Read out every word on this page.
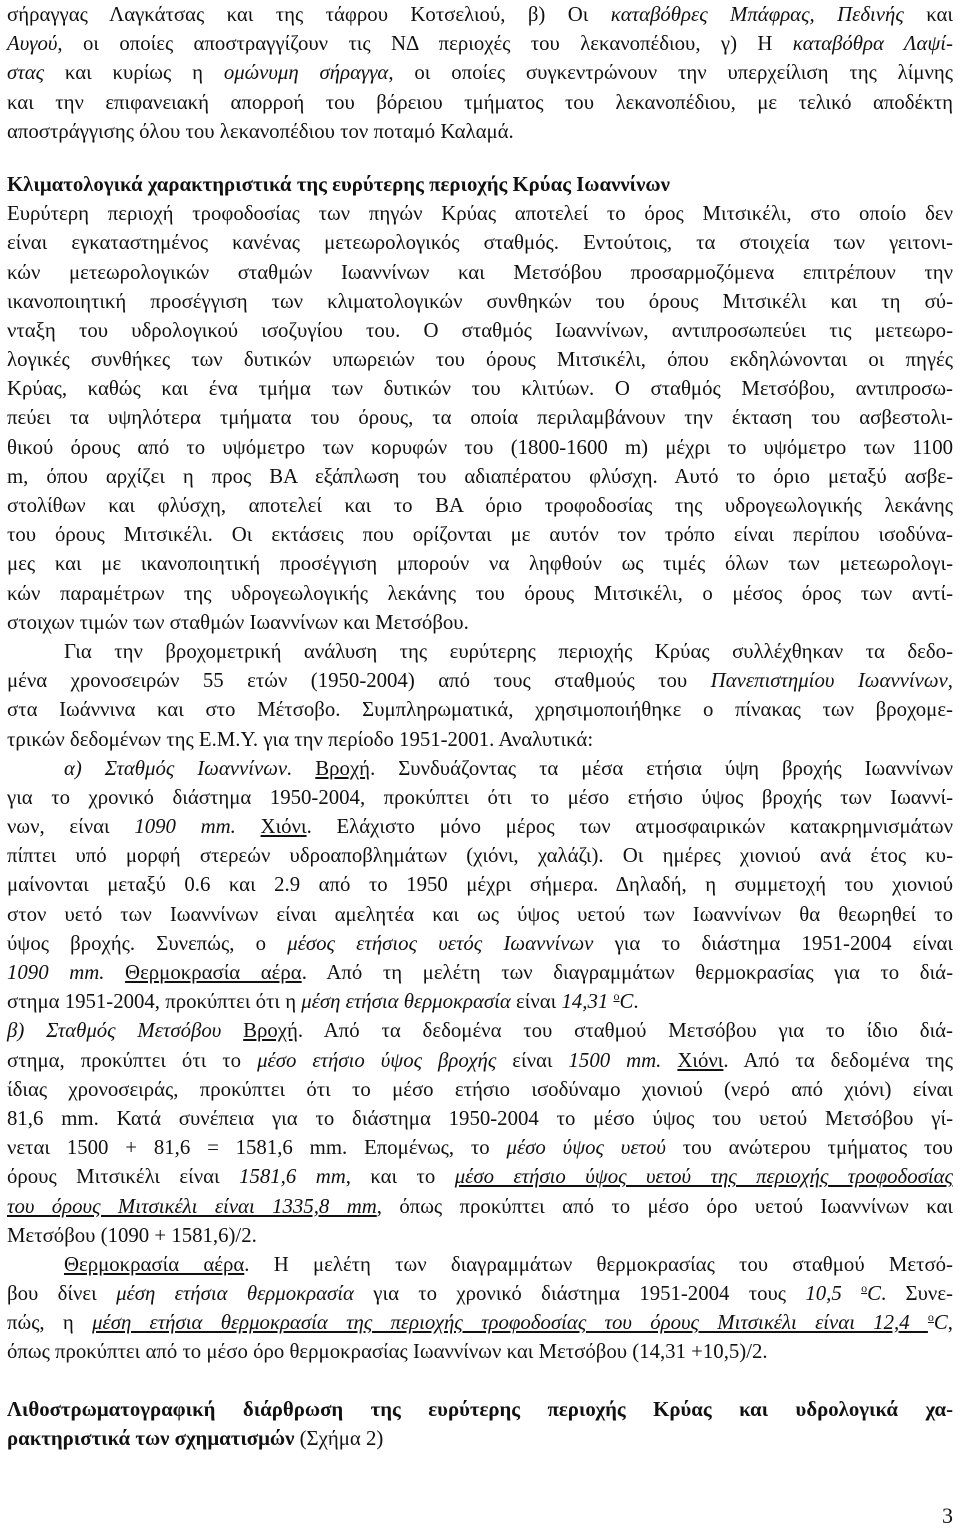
σήραγγας Λαγκάτσας και της τάφρου Κοτσελιού, β) Οι καταβόθρες Μπάφρας, Πεδινής και
Αυγού, οι οποίες αποστραγγίζουν τις ΝΔ περιοχές του λεκανοπέδιου, γ) Η καταβόθρα Λαψί-
στας και κυρίως η ομώνυμη σήραγγα, οι οποίες συγκεντρώνουν την υπερχείλιση της λίμνης
και την επιφανειακή απορροή του βόρειου τμήματος του λεκανοπέδιου, με τελικό αποδέκτη
αποστράγγισης όλου του λεκανοπέδιου τον ποταμό Καλαμά.
Κλιματολογικά χαρακτηριστικά της ευρύτερης περιοχής Κρύας Ιωαννίνων
Ευρύτερη περιοχή τροφοδοσίας των πηγών Κρύας αποτελεί το όρος Μιτσικέλι, στο οποίο δεν
είναι εγκαταστημένος κανένας μετεωρολογικός σταθμός. Εντούτοις, τα στοιχεία των γειτονι-
κών μετεωρολογικών σταθμών Ιωαννίνων και Μετσόβου προσαρμοζόμενα επιτρέπουν την
ικανοποιητική προσέγγιση των κλιματολογικών συνθηκών του όρους Μιτσικέλι και τη σύ-
νταξη του υδρολογικού ισοζυγίου του. Ο σταθμός Ιωαννίνων, αντιπροσωπεύει τις μετεωρο-
λογικές συνθήκες των δυτικών υπωρειών του όρους Μιτσικέλι, όπου εκδηλώνονται οι πηγές
Κρύας, καθώς και ένα τμήμα των δυτικών του κλιτύων. Ο σταθμός Μετσόβου, αντιπροσω-
πεύει τα υψηλότερα τμήματα του όρους, τα οποία περιλαμβάνουν την έκταση του ασβεστολι-
θικού όρους από το υψόμετρο των κορυφών του (1800-1600 m) μέχρι το υψόμετρο των 1100
m, όπου αρχίζει η προς ΒΑ εξάπλωση του αδιαπέρατου φλύσχη. Αυτό το όριο μεταξύ ασβε-
στολίθων και φλύσχη, αποτελεί και το ΒΑ όριο τροφοδοσίας της υδρογεωλογικής λεκάνης
του όρους Μιτσικέλι. Οι εκτάσεις που ορίζονται με αυτόν τον τρόπο είναι περίπου ισοδύνα-
μες και με ικανοποιητική προσέγγιση μπορούν να ληφθούν ως τιμές όλων των μετεωρολογι-
κών παραμέτρων της υδρογεωλογικής λεκάνης του όρους Μιτσικέλι, ο μέσος όρος των αντί-
στοιχων τιμών των σταθμών Ιωαννίνων και Μετσόβου.
Για την βροχομετρική ανάλυση της ευρύτερης περιοχής Κρύας συλλέχθηκαν τα δεδο-
μένα χρονοσειρών 55 ετών (1950-2004) από τους σταθμούς του Πανεπιστημίου Ιωαννίνων,
στα Ιωάννινα και στο Μέτσοβο. Συμπληρωματικά, χρησιμοποιήθηκε ο πίνακας των βροχομε-
τρικών δεδομένων της Ε.Μ.Υ. για την περίοδο 1951-2001. Αναλυτικά:
α) Σταθμός Ιωαννίνων. Βροχή. Συνδυάζοντας τα μέσα ετήσια ύψη βροχής Ιωαννίνων
για το χρονικό διάστημα 1950-2004, προκύπτει ότι το μέσο ετήσιο ύψος βροχής των Ιωαννί-
νων, είναι 1090 mm. Χιόνι. Ελάχιστο μόνο μέρος των ατμοσφαιρικών κατακρημνισμάτων
πίπτει υπό μορφή στερεών υδροαποβλημάτων (χιόνι, χαλάζι). Οι ημέρες χιονιού ανά έτος κυ-
μαίνονται μεταξύ 0.6 και 2.9 από το 1950 μέχρι σήμερα. Δηλαδή, η συμμετοχή του χιονιού
στον υετό των Ιωαννίνων είναι αμελητέα και ως ύψος υετού των Ιωαννίνων θα θεωρηθεί το
ύψος βροχής. Συνεπώς, ο μέσος ετήσιος υετός Ιωαννίνων για το διάστημα 1951-2004 είναι
1090 mm. Θερμοκρασία αέρα. Από τη μελέτη των διαγραμμάτων θερμοκρασίας για το διά-
στημα 1951-2004, προκύπτει ότι η μέση ετήσια θερμοκρασία είναι 14,31 $^o$C.
β) Σταθμός Μετσόβου Βροχή. Από τα δεδομένα του σταθμού Μετσόβου για το ίδιο διά-
στημα, προκύπτει ότι το μέσο ετήσιο ύψος βροχής είναι 1500 mm. Χιόνι. Από τα δεδομένα της
ίδιας χρονοσειράς, προκύπτει ότι το μέσο ετήσιο ισοδύναμο χιονιού (νερό από χιόνι) είναι
81,6 mm. Κατά συνέπεια για το διάστημα 1950-2004 το μέσο ύψος του υετού Μετσόβου γί-
νεται 1500 + 81,6 = 1581,6 mm. Επομένως, το μέσο ύψος υετού του ανώτερου τμήματος του
όρους Μιτσικέλι είναι 1581,6 mm, και το μέσο ετήσιο ύψος υετού της περιοχής τροφοδοσίας
του όρους Μιτσικέλι είναι 1335,8 mm, όπως προκύπτει από το μέσο όρο υετού Ιωαννίνων και
Μετσόβου (1090 + 1581,6)/2.
Θερμοκρασία αέρα. Η μελέτη των διαγραμμάτων θερμοκρασίας του σταθμού Μετσό-
βου δίνει μέση ετήσια θερμοκρασία για το χρονικό διάστημα 1951-2004 τους 10,5 $^o$C. Συνε-
πώς, η μέση ετήσια θερμοκρασία της περιοχής τροφοδοσίας του όρους Μιτσικέλι είναι 12,4 $^o$C,
όπως προκύπτει από το μέσο όρο θερμοκρασίας Ιωαννίνων και Μετσόβου (14,31 +10,5)/2.
Λιθοστρωματογραφική διάρθρωση της ευρύτερης περιοχής Κρύας και υδρολογικά χα-
ρακτηριστικά των σχηματισμών (Σχήμα 2)
3
